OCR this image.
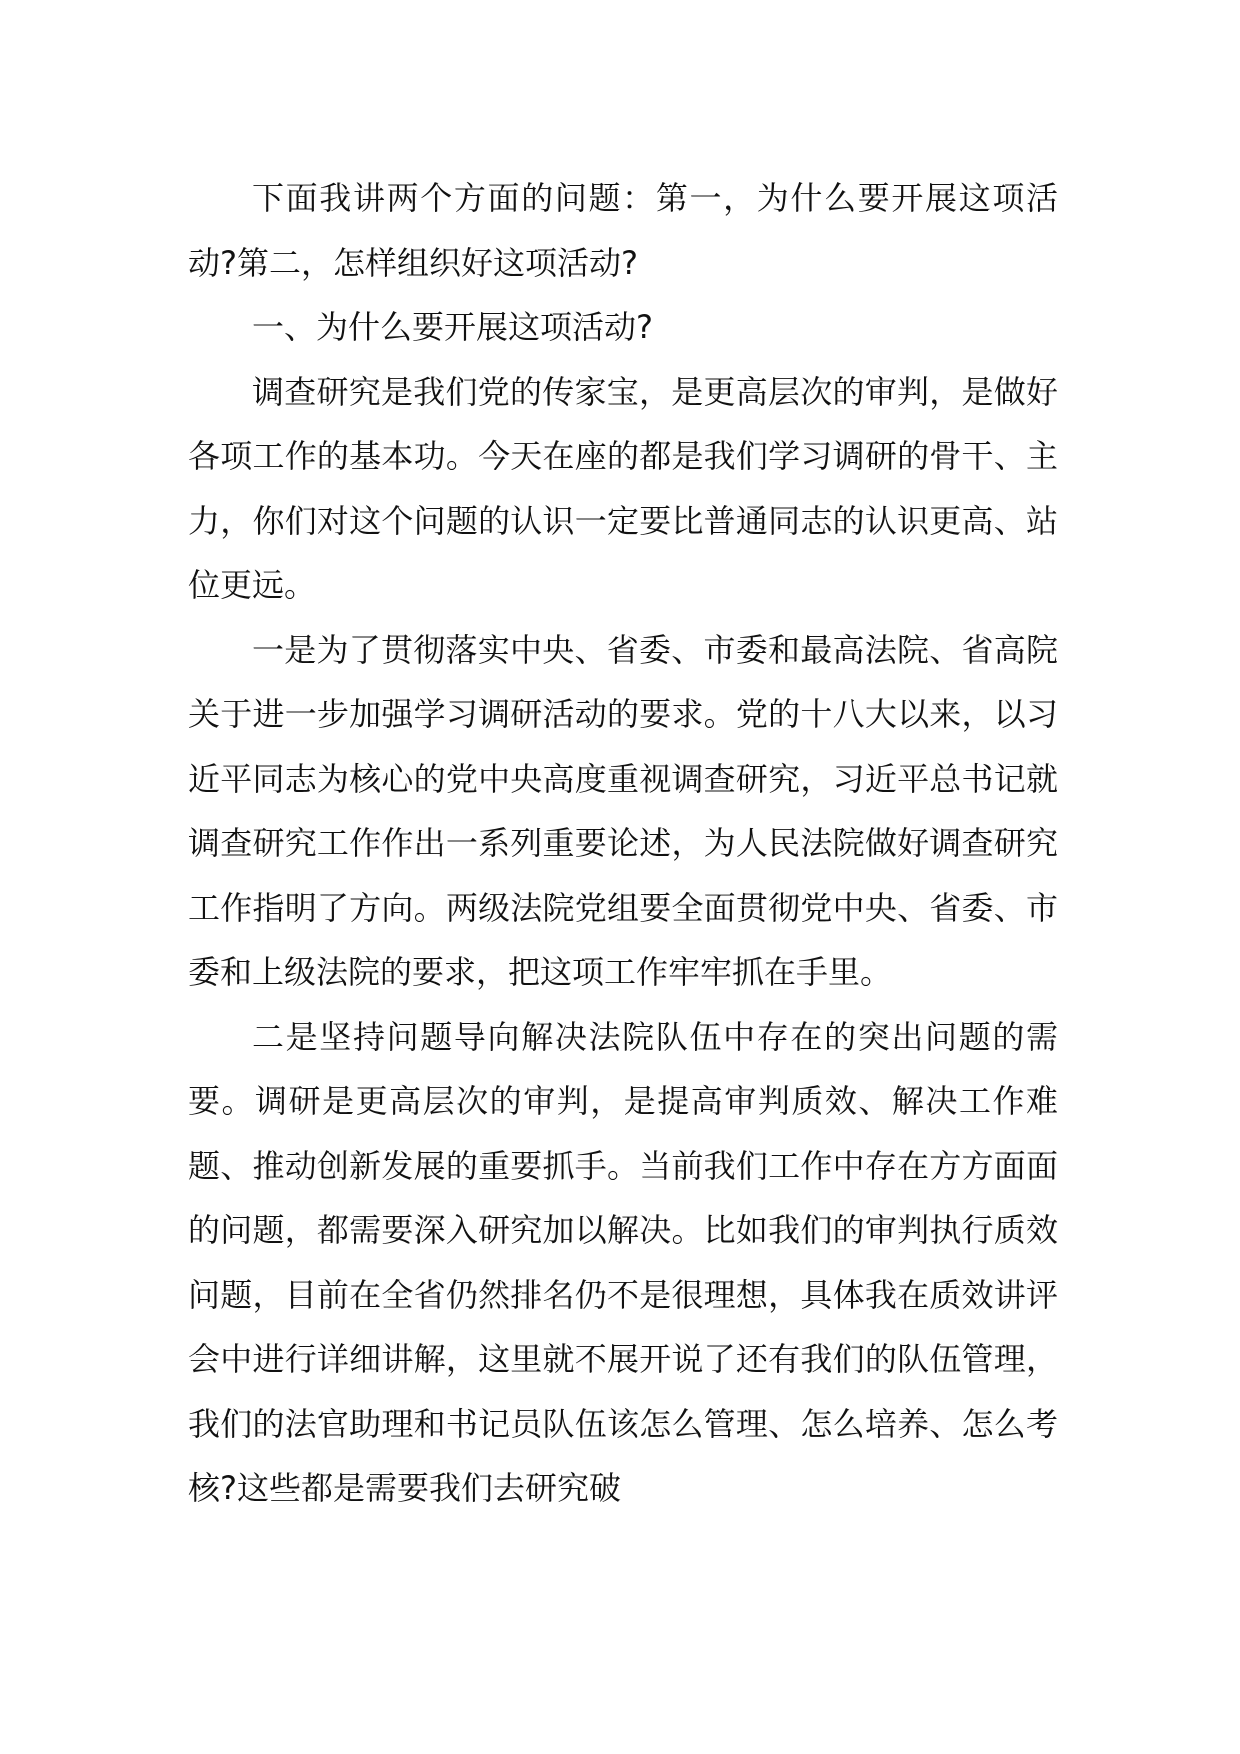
下面我讲两个方面的问题：第一，为什么要开展这项活动?第二，怎样组织好这项活动?

一、为什么要开展这项活动?

调查研究是我们党的传家宝，是更高层次的审判，是做好各项工作的基本功。今天在座的都是我们学习调研的骨干、主力，你们对这个问题的认识一定要比普通同志的认识更高、站位更远。

一是为了贯彻落实中央、省委、市委和最高法院、省高院关于进一步加强学习调研活动的要求。党的十八大以来，以习近平同志为核心的党中央高度重视调查研究，习近平总书记就调查研究工作作出一系列重要论述，为人民法院做好调查研究工作指明了方向。两级法院党组要全面贯彻党中央、省委、市委和上级法院的要求，把这项工作牢牢抓在手里。

二是坚持问题导向解决法院队伍中存在的突出问题的需要。调研是更高层次的审判，是提高审判质效、解决工作难题、推动创新发展的重要抓手。当前我们工作中存在方方面面的问题，都需要深入研究加以解决。比如我们的审判执行质效问题，目前在全省仍然排名仍不是很理想，具体我在质效讲评会中进行详细讲解，这里就不展开说了还有我们的队伍管理，我们的法官助理和书记员队伍该怎么管理、怎么培养、怎么考核?这些都是需要我们去研究破
